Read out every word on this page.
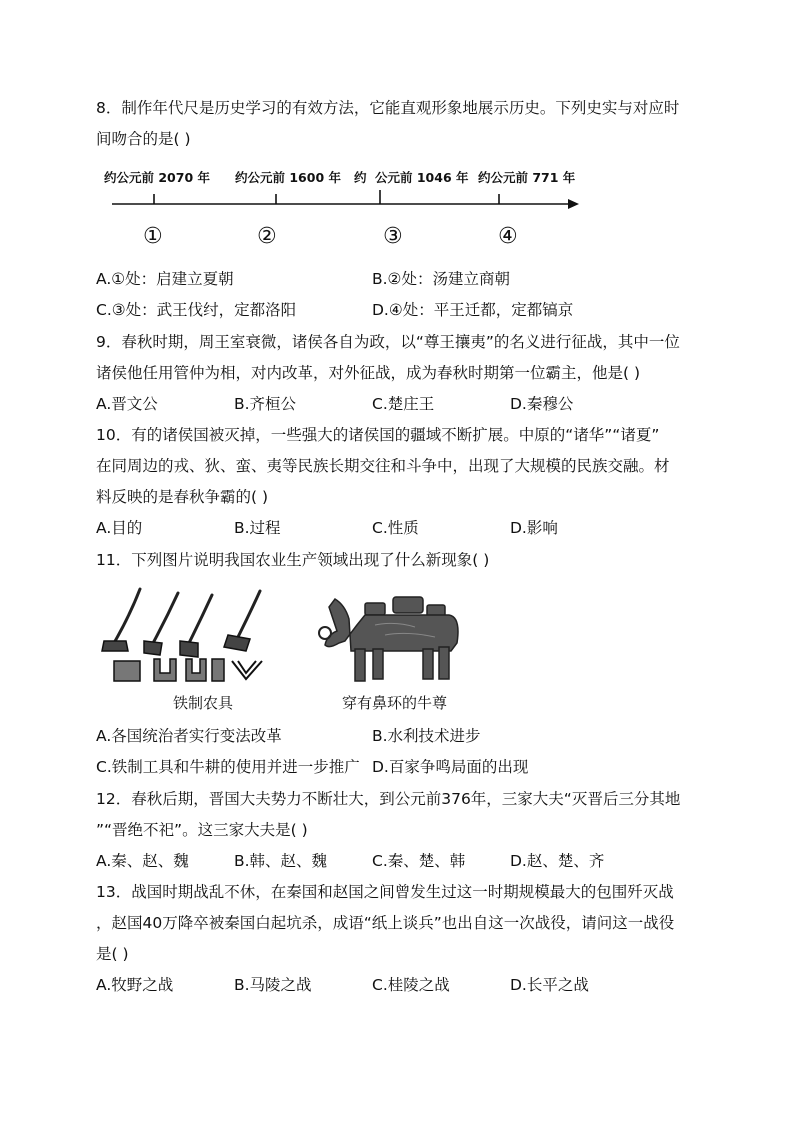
8．制作年代尺是历史学习的有效方法，它能直观形象地展示历史。下列史实与对应时
间吻合的是( )
约公元前 2070 年 约公元前 1600 年 约 公元前 1046 年 约公元前 771 年
①	②	③	④
A.①处：启建立夏朝	B.②处：汤建立商朝
C.③处：武王伐纣，定都洛阳	D.④处：平王迁都，定都镐京
9．春秋时期，周王室衰微，诸侯各自为政，以“尊王攘夷”的名义进行征战，其中一位
诸侯他任用管仲为相，对内改革，对外征战，成为春秋时期第一位霸主，他是( )
A.晋文公	B.齐桓公	C.楚庄王	D.秦穆公
10．有的诸侯国被灭掉，一些强大的诸侯国的疆域不断扩展。中原的“诸华”“诸夏”
在同周边的戎、狄、蛮、夷等民族长期交往和斗争中，出现了大规模的民族交融。材
料反映的是春秋争霸的( )
A.目的	B.过程	C.性质	D.影响
11．下列图片说明我国农业生产领域出现了什么新现象( )
铁制农具	穿有鼻环的牛尊
A.各国统治者实行变法改革	B.水利技术进步
C.铁制工具和牛耕的使用并进一步推广 D.百家争鸣局面的出现
12．春秋后期，晋国大夫势力不断壮大，到公元前376年，三家大夫“灭晋后三分其地
”“晋绝不祀”。这三家大夫是( )
A.秦、赵、魏	B.韩、赵、魏	C.秦、楚、韩	D.赵、楚、齐
13．战国时期战乱不休，在秦国和赵国之间曾发生过这一时期规模最大的包围歼灭战
，赵国40万降卒被秦国白起坑杀，成语“纸上谈兵”也出自这一次战役，请问这一战役
是( )
A.牧野之战	B.马陵之战	C.桂陵之战	D.长平之战
